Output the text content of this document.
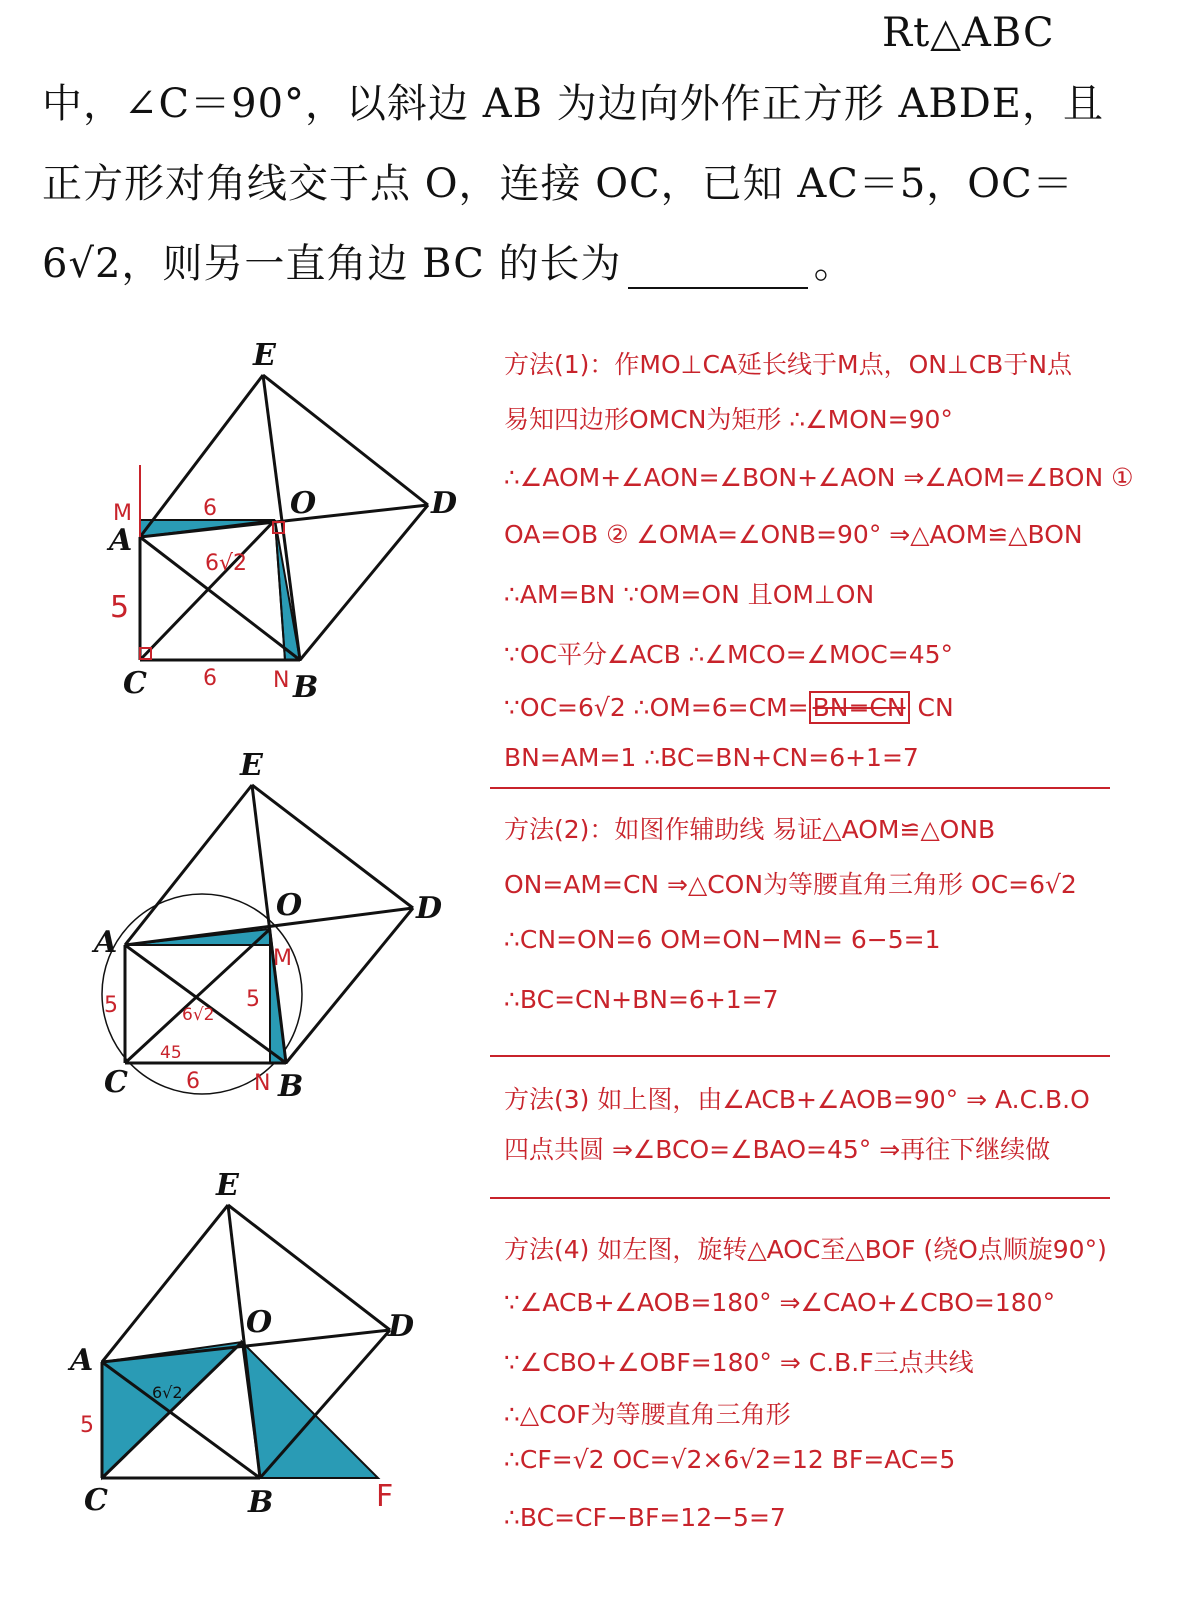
Rt△ABC
中，∠C＝90°，以斜边 AB 为边向外作正方形 ABDE，且
正方形对角线交于点 O，连接 OC，已知 AC＝5，OC＝
6√2，则另一直角边 BC 的长为	。
E
O	D
M
A
C	N B
6
6√2
5
6
E
O	D
A	M
C	N B
5	5
6√2
45
6
E
O	D
A
C	B	F
5
6√2
方法(1)：作MO⊥CA延长线于M点，ON⊥CB于N点
易知四边形OMCN为矩形 ∴∠MON=90°
∴∠AOM+∠AON=∠BON+∠AON ⇒∠AOM=∠BON ①
OA=OB ② ∠OMA=∠ONB=90° ⇒△AOM≌△BON
∴AM=BN ∵OM=ON 且OM⊥ON
∵OC平分∠ACB ∴∠MCO=∠MOC=45°
∵OC=6√2 ∴OM=6=CM= BN=CN CN
BN=AM=1 ∴BC=BN+CN=6+1=7
方法(2)：如图作辅助线 易证△AOM≌△ONB
ON=AM=CN ⇒△CON为等腰直角三角形 OC=6√2
∴CN=ON=6 OM=ON−MN= 6−5=1
∴BC=CN+BN=6+1=7
方法(3) 如上图，由∠ACB+∠AOB=90° ⇒ A.C.B.O
四点共圆 ⇒∠BCO=∠BAO=45° ⇒再往下继续做
方法(4) 如左图，旋转△AOC至△BOF (绕O点顺旋90°)
∵∠ACB+∠AOB=180° ⇒∠CAO+∠CBO=180°
∵∠CBO+∠OBF=180° ⇒ C.B.F三点共线
∴△COF为等腰直角三角形
∴CF=√2 OC=√2×6√2=12 BF=AC=5
∴BC=CF−BF=12−5=7
